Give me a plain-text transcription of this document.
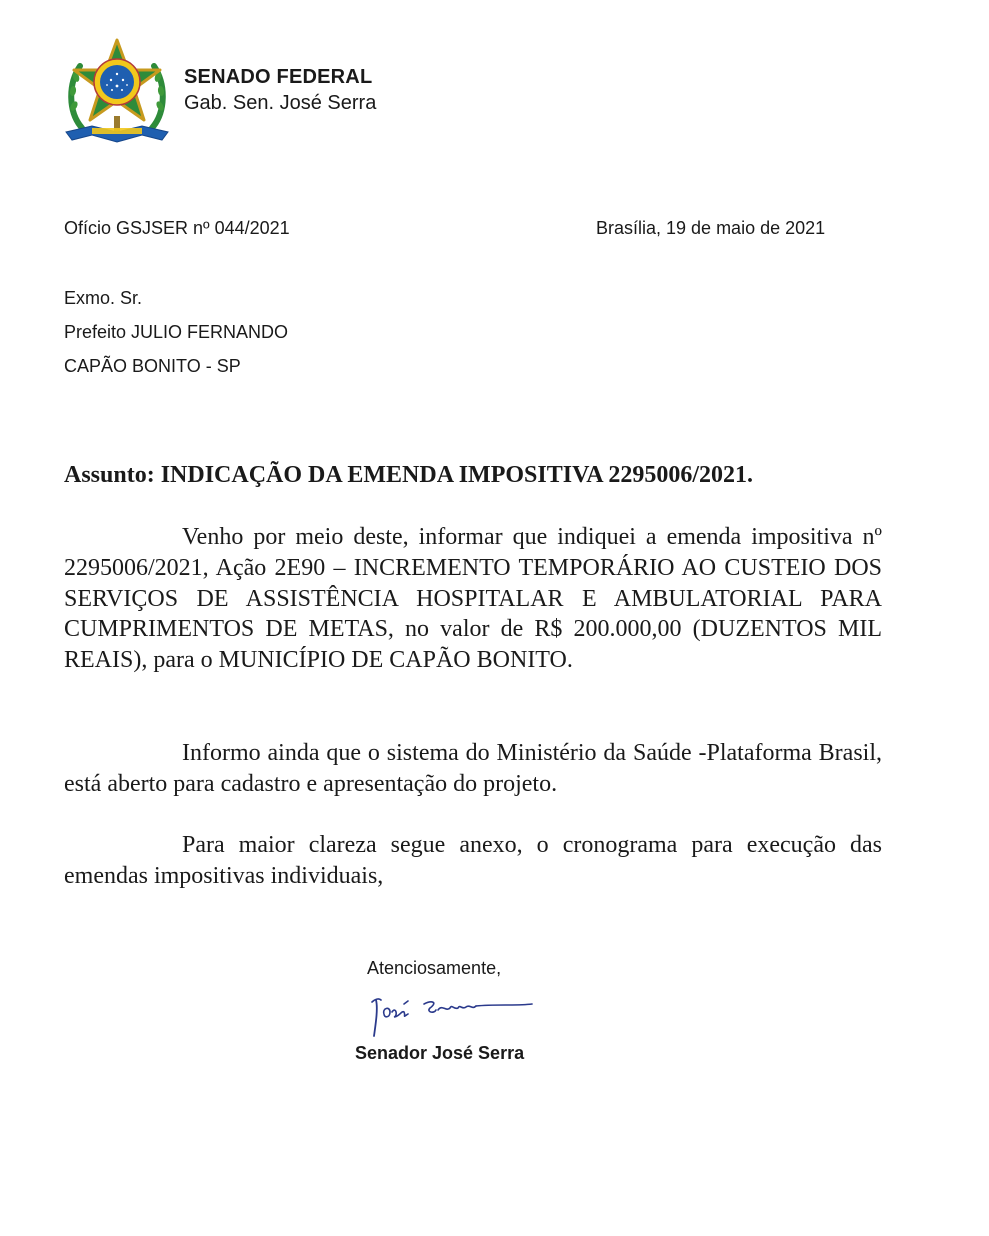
SENADO FEDERAL
Gab. Sen. José Serra
Ofício GSJSER nº 044/2021	Brasília, 19 de maio de 2021
Exmo. Sr.
Prefeito JULIO FERNANDO
CAPÃO BONITO - SP
Assunto: INDICAÇÃO DA EMENDA IMPOSITIVA 2295006/2021.

Venho por meio deste, informar que indiquei a emenda impositiva nº 2295006/2021, Ação 2E90 – INCREMENTO TEMPORÁRIO AO CUSTEIO DOS SERVIÇOS DE ASSISTÊNCIA HOSPITALAR E AMBULATORIAL PARA CUMPRIMENTOS DE METAS, no valor de R$ 200.000,00 (DUZENTOS MIL REAIS), para o MUNICÍPIO DE CAPÃO BONITO.

Informo ainda que o sistema do Ministério da Saúde -Plataforma Brasil, está aberto para cadastro e apresentação do projeto.

Para maior clareza segue anexo, o cronograma para execução das emendas impositivas individuais,

Atenciosamente,
Senador José Serra
